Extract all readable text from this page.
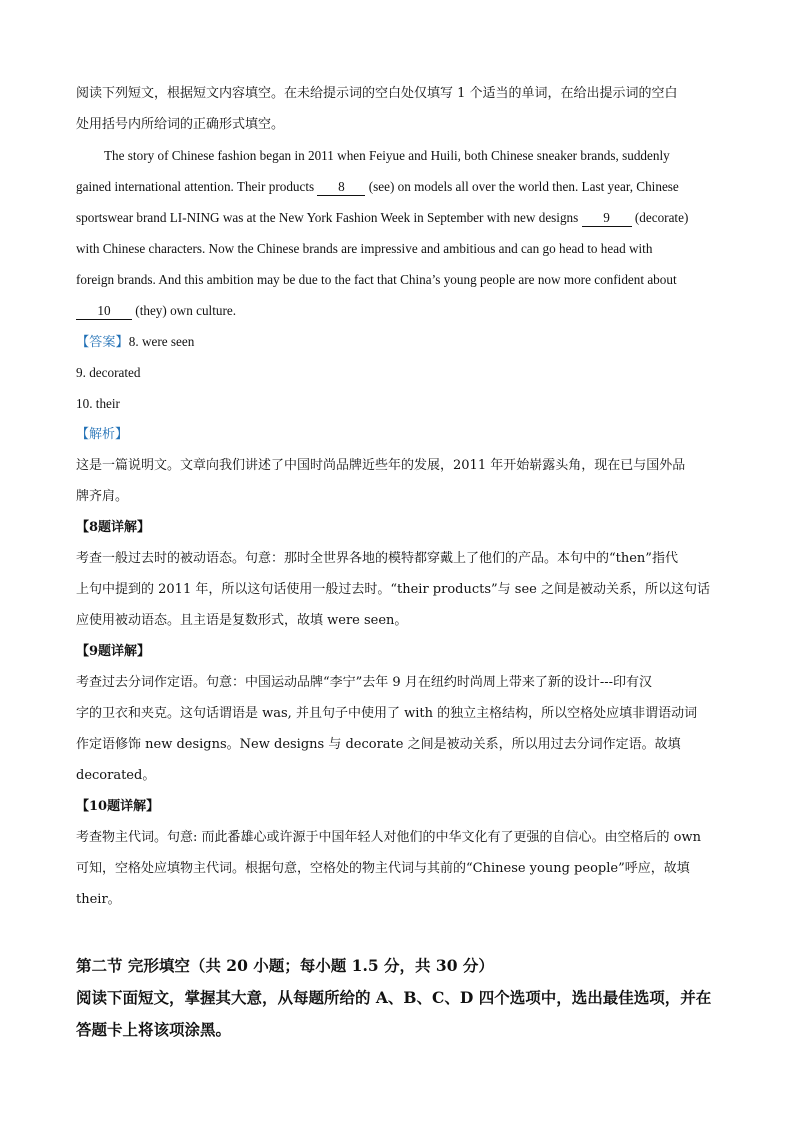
阅读下列短文，根据短文内容填空。在未给提示词的空白处仅填写 1 个适当的单词，在给出提示词的空白
处用括号内所给词的正确形式填空。
The story of Chinese fashion began in 2011 when Feiyue and Huili, both Chinese sneaker brands, suddenly
gained international attention. Their products 8 (see) on models all over the world then. Last year, Chinese
sportswear brand LI-NING was at the New York Fashion Week in September with new designs 9 (decorate)
with Chinese characters. Now the Chinese brands are impressive and ambitious and can go head to head with
foreign brands. And this ambition may be due to the fact that China’s young people are now more confident about
10 (they) own culture.
【答案】8. were seen
9. decorated
10. their
【解析】
这是一篇说明文。文章向我们讲述了中国时尚品牌近些年的发展，2011 年开始崭露头角，现在已与国外品
牌齐肩。
【8题详解】
考查一般过去时的被动语态。句意：那时全世界各地的模特都穿戴上了他们的产品。本句中的“then”指代
上句中提到的 2011 年，所以这句话使用一般过去时。“their products”与 see 之间是被动关系，所以这句话
应使用被动语态。且主语是复数形式，故填 were seen。
【9题详解】
考查过去分词作定语。句意：中国运动品牌“李宁”去年 9 月在纽约时尚周上带来了新的设计---印有汉
字的卫衣和夹克。这句话谓语是 was, 并且句子中使用了 with 的独立主格结构，所以空格处应填非谓语动词
作定语修饰 new designs。New designs 与 decorate 之间是被动关系，所以用过去分词作定语。故填
decorated。
【10题详解】
考查物主代词。句意: 而此番雄心或许源于中国年轻人对他们的中华文化有了更强的自信心。由空格后的 own
可知，空格处应填物主代词。根据句意，空格处的物主代词与其前的“Chinese young people”呼应，故填
their。
第二节 完形填空（共 20 小题；每小题 1.5 分，共 30 分）
阅读下面短文，掌握其大意，从每题所给的 A、B、C、D 四个选项中，选出最佳选项，并在
答题卡上将该项涂黑。
